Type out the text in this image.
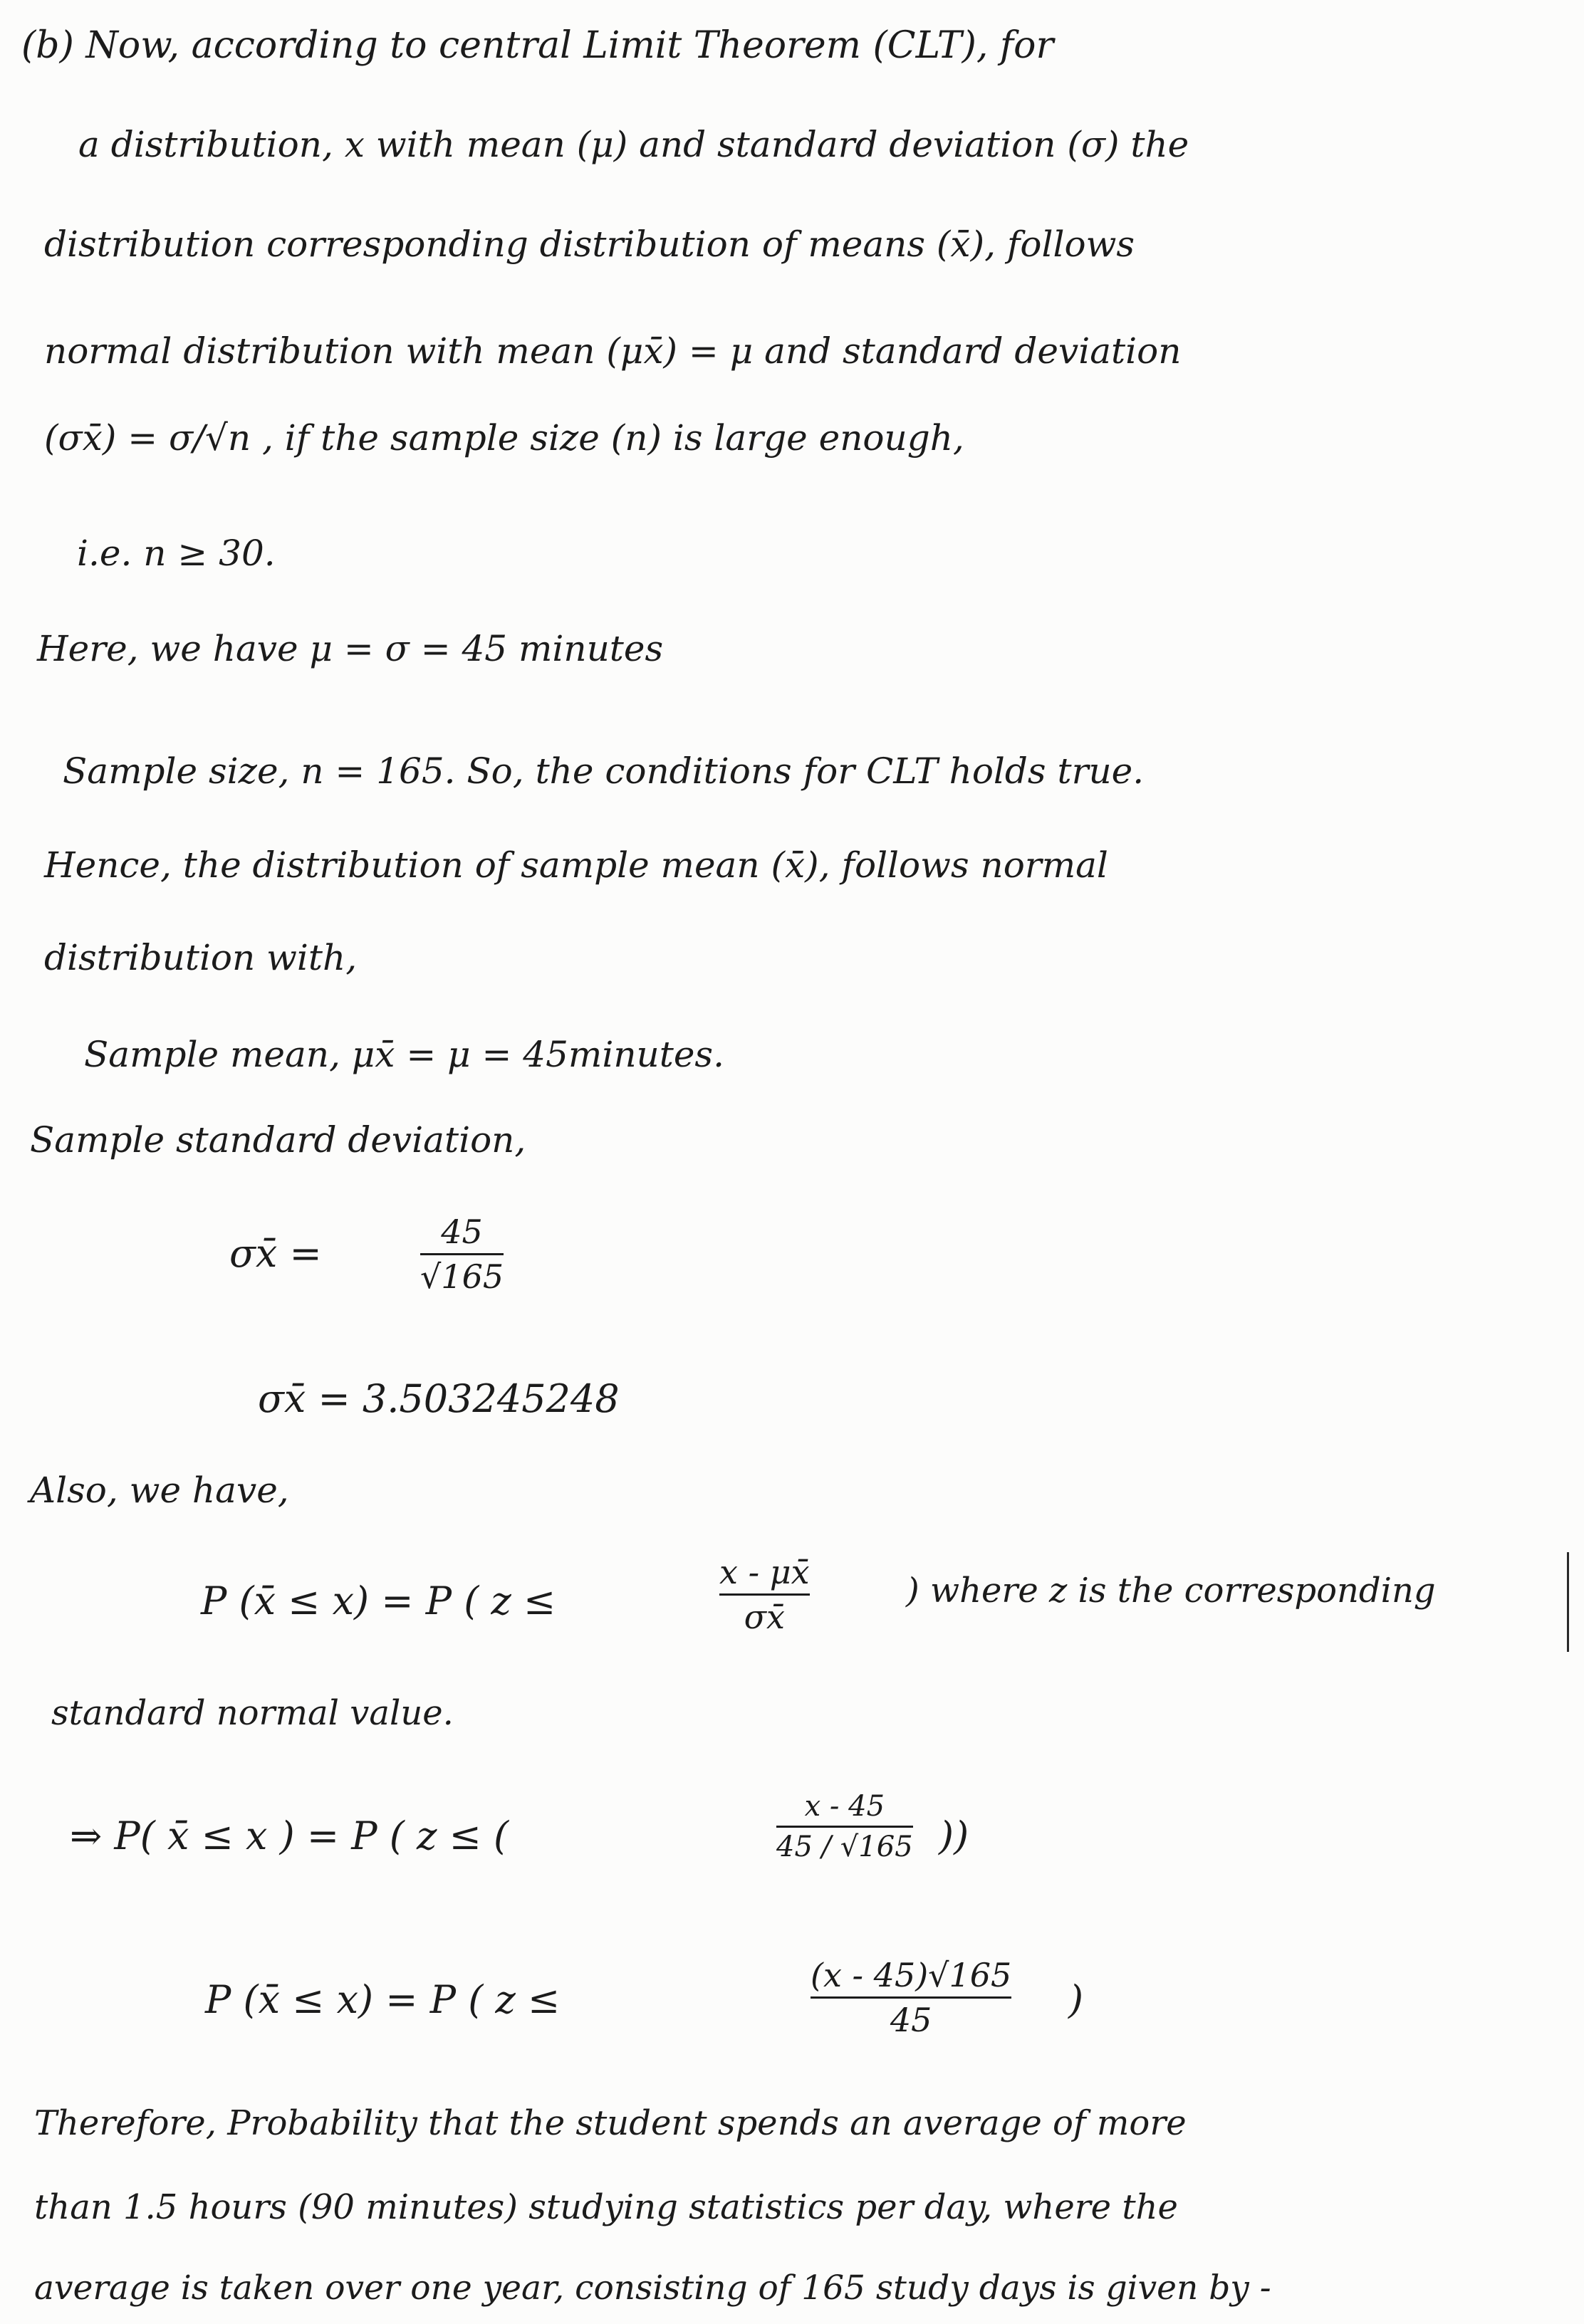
(b) Now, according to central Limit Theorem (CLT), for
a distribution, x with mean (μ) and standard deviation (σ) the
distribution corresponding distribution of means (x̄), follows
normal distribution with mean (μx̄) = μ and standard deviation
(σx̄) = σ/√n , if the sample size (n) is large enough,
i.e. n ≥ 30.
Here, we have μ = σ = 45 minutes
Sample size, n = 165. So, the conditions for CLT holds true.
Hence, the distribution of sample mean (x̄), follows normal
distribution with,
Sample mean, μx̄ = μ = 45minutes.
Sample standard deviation,
σx̄ =	45
√165
σx̄ = 3.503245248
Also, we have,
P (x̄ ≤ x) = P ( z ≤
x - μx̄
σx̄
) where z is the corresponding
standard normal value.
⇒ P( x̄ ≤ x ) = P ( z ≤ (
x - 45
45 / √165 ))
P (x̄ ≤ x) = P ( z ≤
(x - 45)√165
45	)
Therefore, Probability that the student spends an average of more
than 1.5 hours (90 minutes) studying statistics per day, where the
average is taken over one year, consisting of 165 study days is given by -
